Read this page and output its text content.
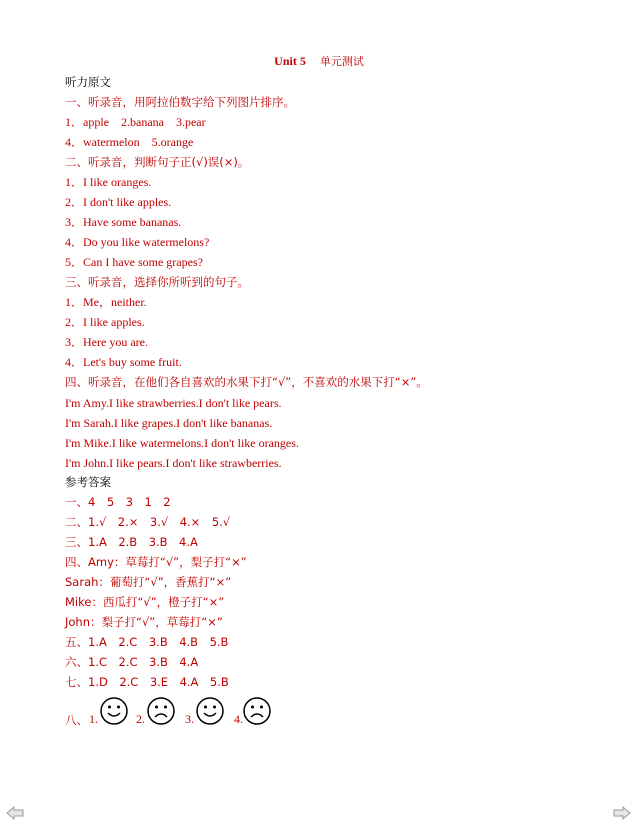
Unit 5 单元测试
听力原文
一、听录音，用阿拉伯数字给下列图片排序。
1．apple　2.banana　3.pear
4．watermelon　5.orange
二、听录音，判断句子正(√)误(×)。
1．I like oranges.
2．I don't like apples.
3．Have some bananas.
4．Do you like watermelons?
5．Can I have some grapes?
三、听录音，选择你所听到的句子。
1．Me，neither.
2．I like apples.
3．Here you are.
4．Let's buy some fruit.
四、听录音，在他们各自喜欢的水果下打“√”，不喜欢的水果下打“×”。
I'm Amy.I like strawberries.I don't like pears.
I'm Sarah.I like grapes.I don't like bananas.
I'm Mike.I like watermelons.I don't like oranges.
I'm John.I like pears.I don't like strawberries.
参考答案
一、4　5　3　1　2
二、1.√　2.×　3.√　4.×　5.√
三、1.A　2.B　3.B　4.A
四、Amy：草莓打“√”，梨子打“×”
Sarah：葡萄打“√”，香蕉打“×”
Mike：西瓜打“√”，橙子打“×”
John：梨子打“√”，草莓打“×”
五、1.A　2.C　3.B　4.B　5.B
六、1.C　2.C　3.B　4.A
七、1.D　2.C　3.E　4.A　5.B
八、 1.	2.	3.	4.
